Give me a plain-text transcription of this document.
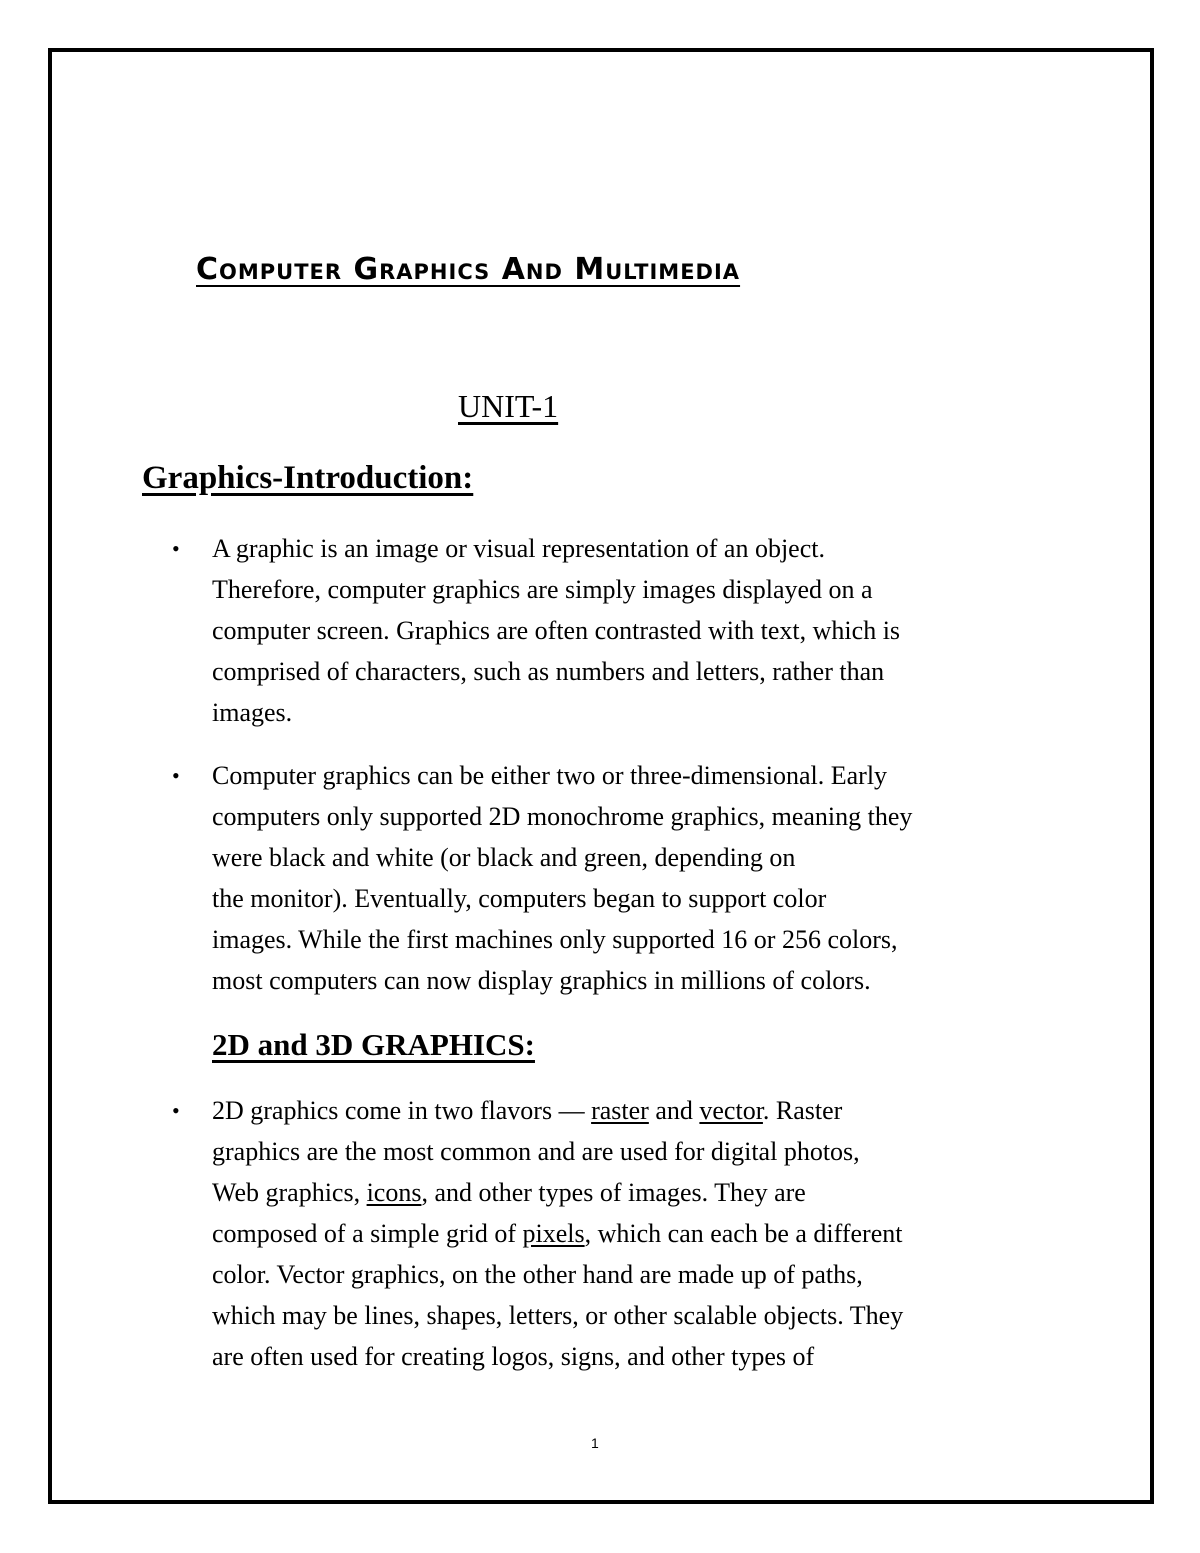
Computer Graphics And Multimedia
UNIT-1
Graphics-Introduction:
• A graphic is an image or visual representation of an object.
Therefore, computer graphics are simply images displayed on a
computer screen. Graphics are often contrasted with text, which is
comprised of characters, such as numbers and letters, rather than
images.
• Computer graphics can be either two or three-dimensional. Early
computers only supported 2D monochrome graphics, meaning they
were black and white (or black and green, depending on
the monitor). Eventually, computers began to support color
images. While the first machines only supported 16 or 256 colors,
most computers can now display graphics in millions of colors.
2D and 3D GRAPHICS:
• 2D graphics come in two flavors — raster and vector. Raster
graphics are the most common and are used for digital photos,
Web graphics, icons, and other types of images. They are
composed of a simple grid of pixels, which can each be a different
color. Vector graphics, on the other hand are made up of paths,
which may be lines, shapes, letters, or other scalable objects. They
are often used for creating logos, signs, and other types of
1
